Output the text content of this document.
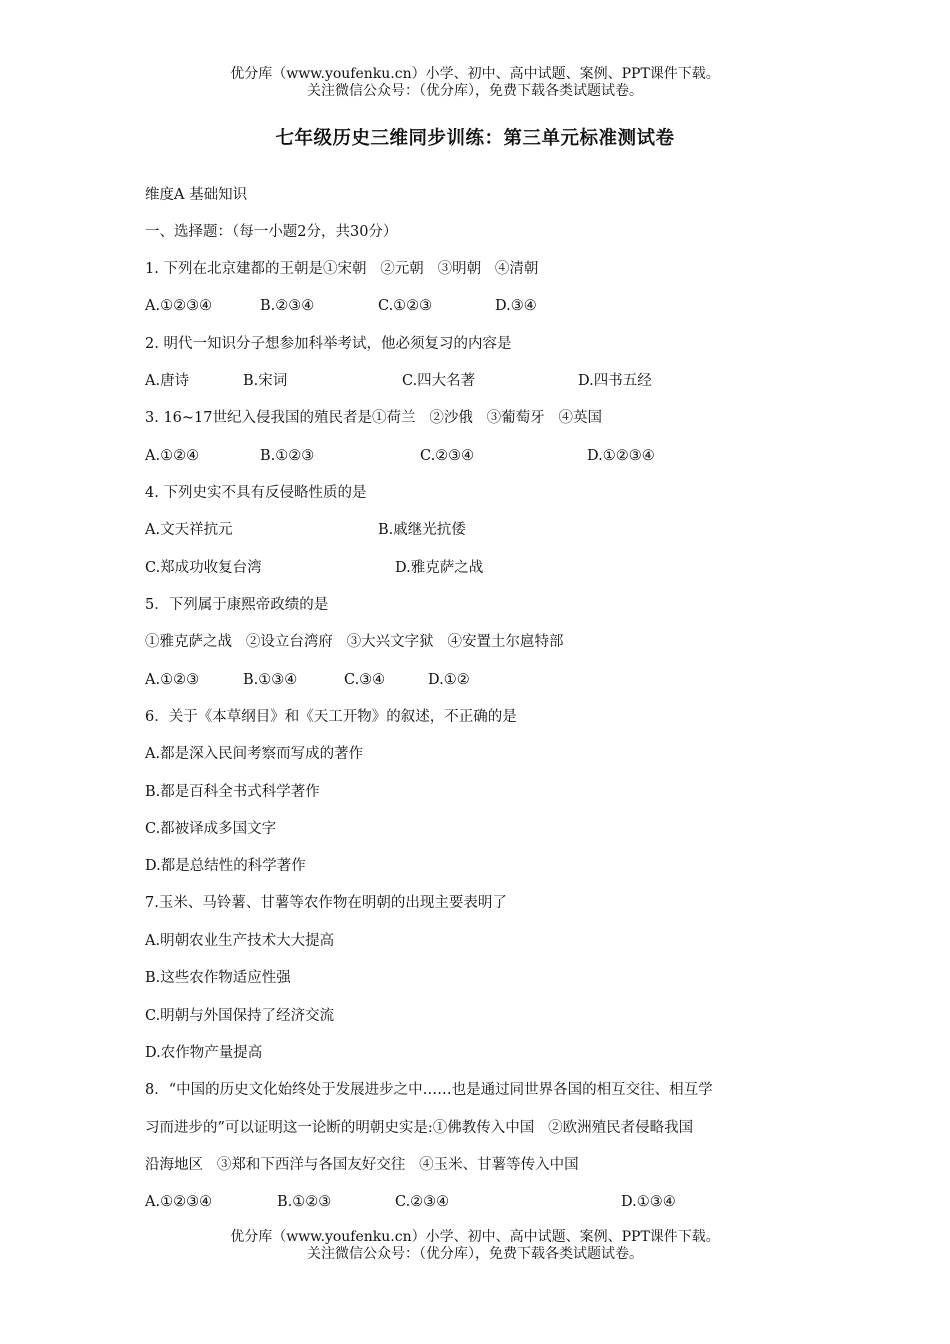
优分库（www.youfenku.cn）小学、初中、高中试题、案例、PPT课件下载。
关注微信公众号：（优分库），免费下载各类试题试卷。
七年级历史三维同步训练：第三单元标准测试卷
维度A 基础知识
一、选择题：（每一小题2分，共30分）
1. 下列在北京建都的王朝是①宋朝   ②元朝   ③明朝   ④清朝
A.①②③④	B.②③④	C.①②③	D.③④
2. 明代一知识分子想参加科举考试，他必须复习的内容是
A.唐诗	B.宋词	C.四大名著	D.四书五经
3. 16~17世纪入侵我国的殖民者是①荷兰   ②沙俄   ③葡萄牙   ④英国
A.①②④	B.①②③	C.②③④	D.①②③④
4. 下列史实不具有反侵略性质的是
A.文天祥抗元	B.戚继光抗倭
C.郑成功收复台湾	D.雅克萨之战
5．下列属于康熙帝政绩的是
①雅克萨之战   ②设立台湾府   ③大兴文字狱   ④安置土尔扈特部
A.①②③	B.①③④	C.③④	D.①②
6．关于《本草纲目》和《天工开物》的叙述，不正确的是
A.都是深入民间考察而写成的著作
B.都是百科全书式科学著作
C.都被译成多国文字
D.都是总结性的科学著作
7.玉米、马铃薯、甘薯等农作物在明朝的出现主要表明了
A.明朝农业生产技术大大提高
B.这些农作物适应性强
C.明朝与外国保持了经济交流
D.农作物产量提高
8．“中国的历史文化始终处于发展进步之中……也是通过同世界各国的相互交往、相互学
习而进步的”可以证明这一论断的明朝史实是:①佛教传入中国   ②欧洲殖民者侵略我国
沿海地区   ③郑和下西洋与各国友好交往   ④玉米、甘薯等传入中国
A.①②③④	B.①②③	C.②③④	D.①③④
优分库（www.youfenku.cn）小学、初中、高中试题、案例、PPT课件下载。
关注微信公众号：（优分库），免费下载各类试题试卷。
